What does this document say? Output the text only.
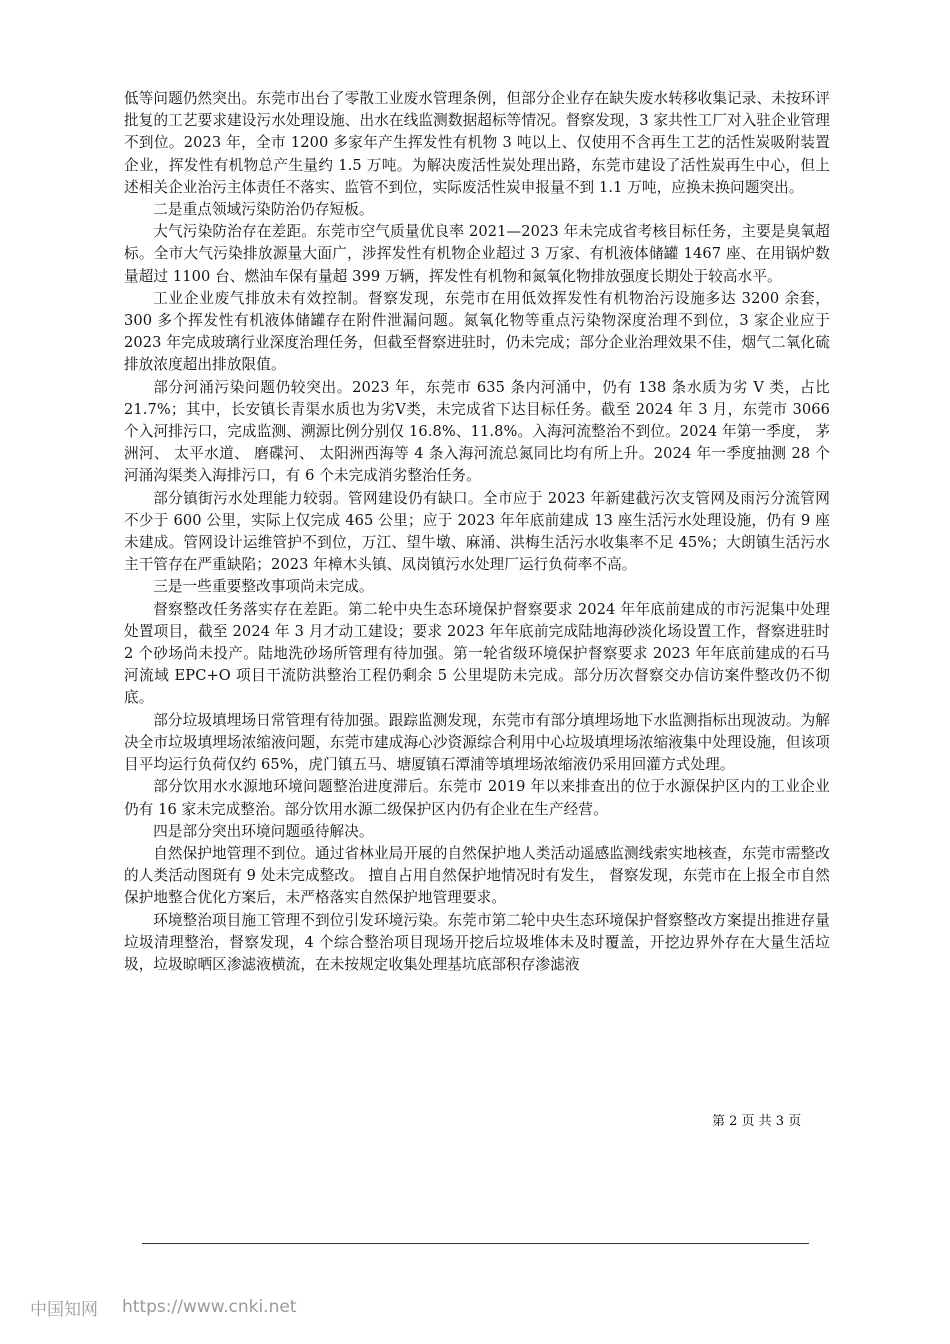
低等问题仍然突出。东莞市出台了零散工业废水管理条例，但部分企业存在缺失废水转移收集记录、未按环评批复的工艺要求建设污水处理设施、出水在线监测数据超标等情况。督察发现，3 家共性工厂对入驻企业管理不到位。2023 年，全市 1200 多家年产生挥发性有机物 3 吨以上、仅使用不含再生工艺的活性炭吸附装置企业，挥发性有机物总产生量约 1.5 万吨。为解决废活性炭处理出路，东莞市建设了活性炭再生中心，但上述相关企业治污主体责任不落实、监管不到位，实际废活性炭申报量不到 1.1 万吨，应换未换问题突出。

二是重点领域污染防治仍存短板。

大气污染防治存在差距。东莞市空气质量优良率 2021—2023 年未完成省考核目标任务，主要是臭氧超标。全市大气污染排放源量大面广，涉挥发性有机物企业超过 3 万家、有机液体储罐 1467 座、在用锅炉数量超过 1100 台、燃油车保有量超 399 万辆，挥发性有机物和氮氧化物排放强度长期处于较高水平。

工业企业废气排放未有效控制。督察发现，东莞市在用低效挥发性有机物治污设施多达 3200 余套，300 多个挥发性有机液体储罐存在附件泄漏问题。氮氧化物等重点污染物深度治理不到位，3 家企业应于 2023 年完成玻璃行业深度治理任务，但截至督察进驻时，仍未完成；部分企业治理效果不佳，烟气二氧化硫排放浓度超出排放限值。

部分河涌污染问题仍较突出。2023 年，东莞市 635 条内河涌中，仍有 138 条水质为劣 V 类，占比 21.7%；其中，长安镇长青渠水质也为劣Ⅴ类，未完成省下达目标任务。截至 2024 年 3 月，东莞市 3066 个入河排污口，完成监测、溯源比例分别仅 16.8%、11.8%。入海河流整治不到位。2024 年第一季度， 茅洲河、 太平水道、 磨碟河、 太阳洲西海等 4 条入海河流总氮同比均有所上升。2024 年一季度抽测 28 个河涌沟渠类入海排污口，有 6 个未完成消劣整治任务。

部分镇街污水处理能力较弱。管网建设仍有缺口。全市应于 2023 年新建截污次支管网及雨污分流管网不少于 600 公里，实际上仅完成 465 公里；应于 2023 年年底前建成 13 座生活污水处理设施，仍有 9 座未建成。管网设计运维管护不到位，万江、望牛墩、麻涌、洪梅生活污水收集率不足 45%；大朗镇生活污水主干管存在严重缺陷；2023 年樟木头镇、凤岗镇污水处理厂运行负荷率不高。

三是一些重要整改事项尚未完成。

督察整改任务落实存在差距。第二轮中央生态环境保护督察要求 2024 年年底前建成的市污泥集中处理处置项目，截至 2024 年 3 月才动工建设；要求 2023 年年底前完成陆地海砂淡化场设置工作，督察进驻时 2 个砂场尚未投产。陆地洗砂场所管理有待加强。第一轮省级环境保护督察要求 2023 年年底前建成的石马河流域 EPC+O 项目干流防洪整治工程仍剩余 5 公里堤防未完成。部分历次督察交办信访案件整改仍不彻底。

部分垃圾填埋场日常管理有待加强。跟踪监测发现，东莞市有部分填埋场地下水监测指标出现波动。为解决全市垃圾填埋场浓缩液问题，东莞市建成海心沙资源综合利用中心垃圾填埋场浓缩液集中处理设施，但该项目平均运行负荷仅约 65%，虎门镇五马、塘厦镇石潭浦等填埋场浓缩液仍采用回灌方式处理。

部分饮用水水源地环境问题整治进度滞后。东莞市 2019 年以来排查出的位于水源保护区内的工业企业仍有 16 家未完成整治。部分饮用水源二级保护区内仍有企业在生产经营。

四是部分突出环境问题亟待解决。

自然保护地管理不到位。通过省林业局开展的自然保护地人类活动遥感监测线索实地核查，东莞市需整改的人类活动图斑有 9 处未完成整改。 擅自占用自然保护地情况时有发生， 督察发现，东莞市在上报全市自然保护地整合优化方案后，未严格落实自然保护地管理要求。

环境整治项目施工管理不到位引发环境污染。东莞市第二轮中央生态环境保护督察整改方案提出推进存量垃圾清理整治，督察发现，4 个综合整治项目现场开挖后垃圾堆体未及时覆盖，开挖边界外存在大量生活垃圾，垃圾晾晒区渗滤液横流，在未按规定收集处理基坑底部积存渗滤液

第 2 页 共 3 页
中国知网 https://www.cnki.net
